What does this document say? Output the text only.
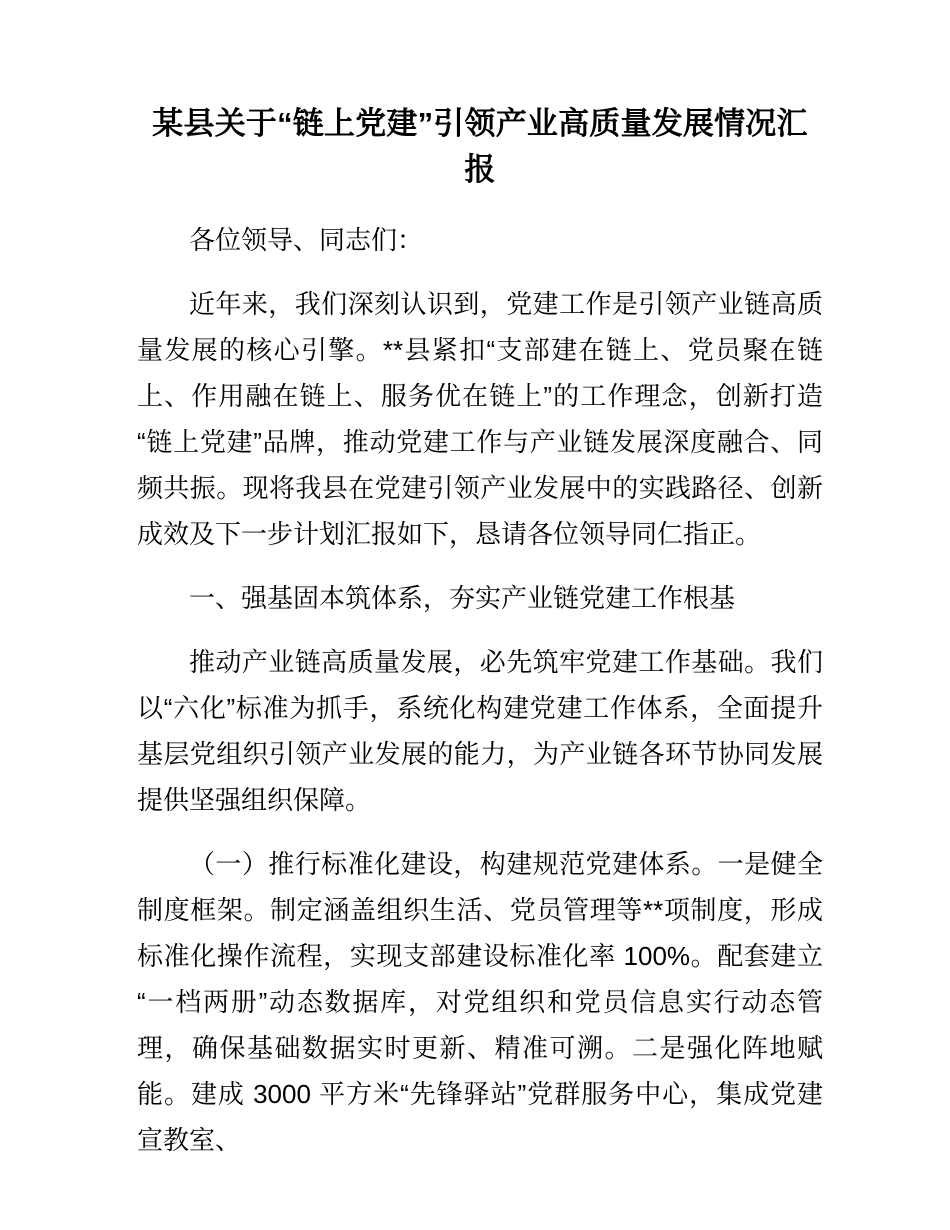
某县关于“链上党建”引领产业高质量发展情况汇报

各位领导、同志们：

近年来，我们深刻认识到，党建工作是引领产业链高质量发展的核心引擎。**县紧扣“支部建在链上、党员聚在链上、作用融在链上、服务优在链上”的工作理念，创新打造“链上党建”品牌，推动党建工作与产业链发展深度融合、同频共振。现将我县在党建引领产业发展中的实践路径、创新成效及下一步计划汇报如下，恳请各位领导同仁指正。

一、强基固本筑体系，夯实产业链党建工作根基

推动产业链高质量发展，必先筑牢党建工作基础。我们以“六化”标准为抓手，系统化构建党建工作体系，全面提升基层党组织引领产业发展的能力，为产业链各环节协同发展提供坚强组织保障。

（一）推行标准化建设，构建规范党建体系。一是健全制度框架。制定涵盖组织生活、党员管理等**项制度，形成标准化操作流程，实现支部建设标准化率 100%。配套建立“一档两册”动态数据库，对党组织和党员信息实行动态管理，确保基础数据实时更新、精准可溯。二是强化阵地赋能。建成 3000 平方米“先锋驿站”党群服务中心，集成党建宣教室、
